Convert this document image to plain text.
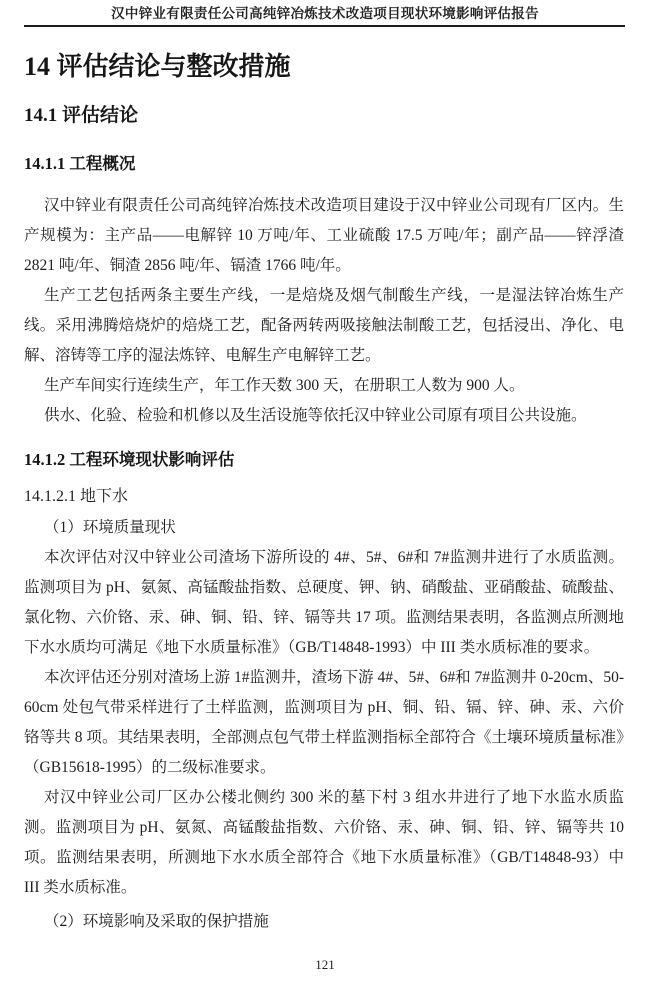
汉中锌业有限责任公司高纯锌冶炼技术改造项目现状环境影响评估报告
14 评估结论与整改措施
14.1 评估结论
14.1.1 工程概况

汉中锌业有限责任公司高纯锌冶炼技术改造项目建设于汉中锌业公司现有厂区内。生产规模为：主产品——电解锌 10 万吨/年、工业硫酸 17.5 万吨/年；副产品——锌浮渣 2821 吨/年、铜渣 2856 吨/年、镉渣 1766 吨/年。

生产工艺包括两条主要生产线，一是焙烧及烟气制酸生产线，一是湿法锌冶炼生产线。采用沸腾焙烧炉的焙烧工艺，配备两转两吸接触法制酸工艺，包括浸出、净化、电解、溶铸等工序的湿法炼锌、电解生产电解锌工艺。

生产车间实行连续生产，年工作天数 300 天，在册职工人数为 900 人。

供水、化验、检验和机修以及生活设施等依托汉中锌业公司原有项目公共设施。

14.1.2 工程环境现状影响评估
14.1.2.1 地下水

（1）环境质量现状

本次评估对汉中锌业公司渣场下游所设的 4#、5#、6#和 7#监测井进行了水质监测。监测项目为 pH、氨氮、高锰酸盐指数、总硬度、钾、钠、硝酸盐、亚硝酸盐、硫酸盐、氯化物、六价铬、汞、砷、铜、铅、锌、镉等共 17 项。监测结果表明，各监测点所测地下水水质均可满足《地下水质量标准》（GB/T14848-1993）中 III 类水质标准的要求。

本次评估还分别对渣场上游 1#监测井，渣场下游 4#、5#、6#和 7#监测井 0-20cm、50-60cm 处包气带采样进行了土样监测，监测项目为 pH、铜、铅、镉、锌、砷、汞、六价铬等共 8 项。其结果表明，全部测点包气带土样监测指标全部符合《土壤环境质量标准》（GB15618-1995）的二级标准要求。

对汉中锌业公司厂区办公楼北侧约 300 米的墓下村 3 组水井进行了地下水监水质监测。监测项目为 pH、氨氮、高锰酸盐指数、六价铬、汞、砷、铜、铅、锌、镉等共 10 项。监测结果表明，所测地下水水质全部符合《地下水质量标准》（GB/T14848-93）中 III 类水质标准。

（2）环境影响及采取的保护措施

121
